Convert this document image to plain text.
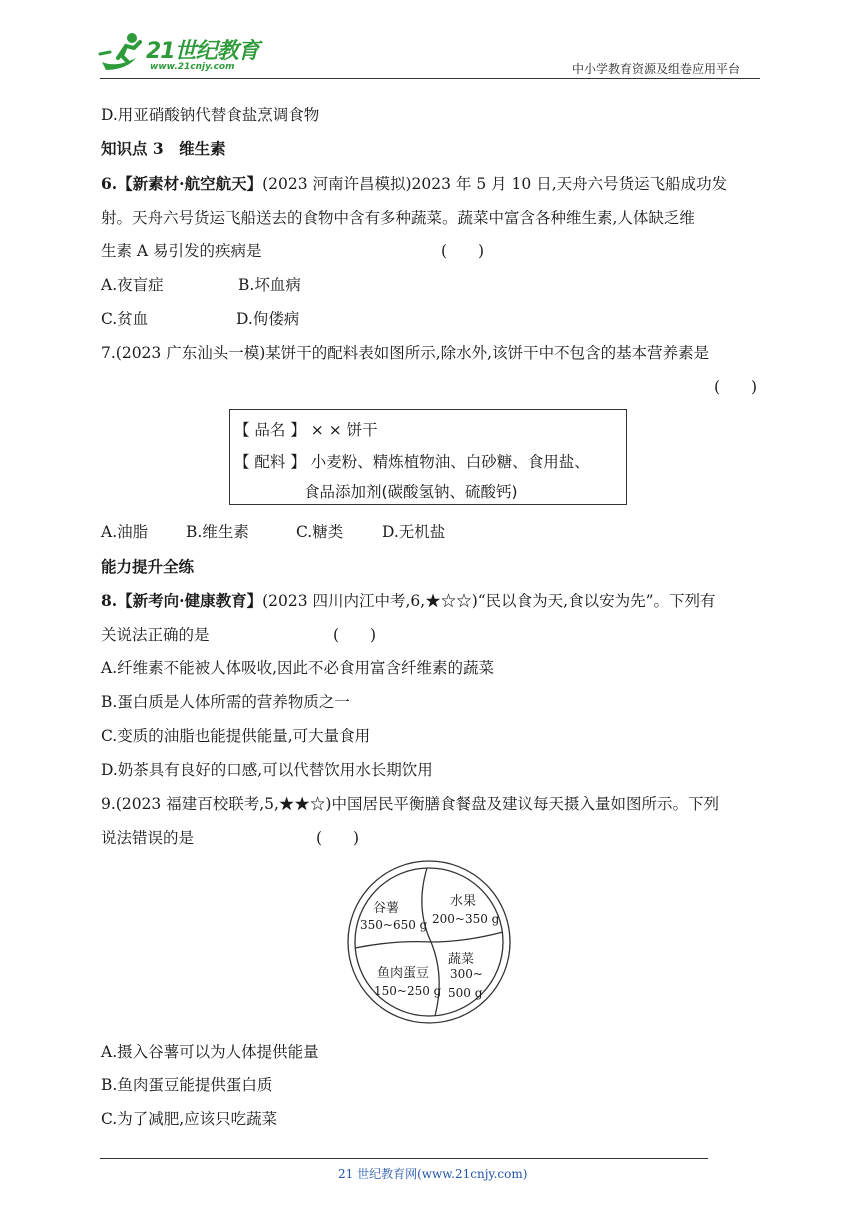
21世纪教育
www.21cnjy.com	中小学教育资源及组卷应用平台
D.用亚硝酸钠代替食盐烹调食物
知识点 3　维生素
6.【新素材·航空航天】(2023 河南许昌模拟)2023 年 5 月 10 日,天舟六号货运飞船成功发
射。天舟六号货运飞船送去的食物中含有多种蔬菜。蔬菜中富含各种维生素,人体缺乏维
生素 A 易引发的疾病是	(　　)
A.夜盲症	B.坏血病
C.贫血	D.佝偻病
7.(2023 广东汕头一模)某饼干的配料表如图所示,除水外,该饼干中不包含的基本营养素是
(　　)
【 品名 】 × × 饼干
【 配料 】 小麦粉、精炼植物油、白砂糖、食用盐、
食品添加剂(碳酸氢钠、硫酸钙)
A.油脂 B.维生素	C.糖类	D.无机盐
能力提升全练
8.【新考向·健康教育】(2023 四川内江中考,6,★☆☆)“民以食为天,食以安为先”。下列有
关说法正确的是	(　　)
A.纤维素不能被人体吸收,因此不必食用富含纤维素的蔬菜
B.蛋白质是人体所需的营养物质之一
C.变质的油脂也能提供能量,可大量食用
D.奶茶具有良好的口感,可以代替饮用水长期饮用
9.(2023 福建百校联考,5,★★☆)中国居民平衡膳食餐盘及建议每天摄入量如图所示。下列
说法错误的是	(　　)
谷薯
350~650 g
水果
200~350 g
鱼肉蛋豆
150~250 g
蔬菜
300~
500 g
A.摄入谷薯可以为人体提供能量
B.鱼肉蛋豆能提供蛋白质
C.为了减肥,应该只吃蔬菜
21 世纪教育网(www.21cnjy.com)
